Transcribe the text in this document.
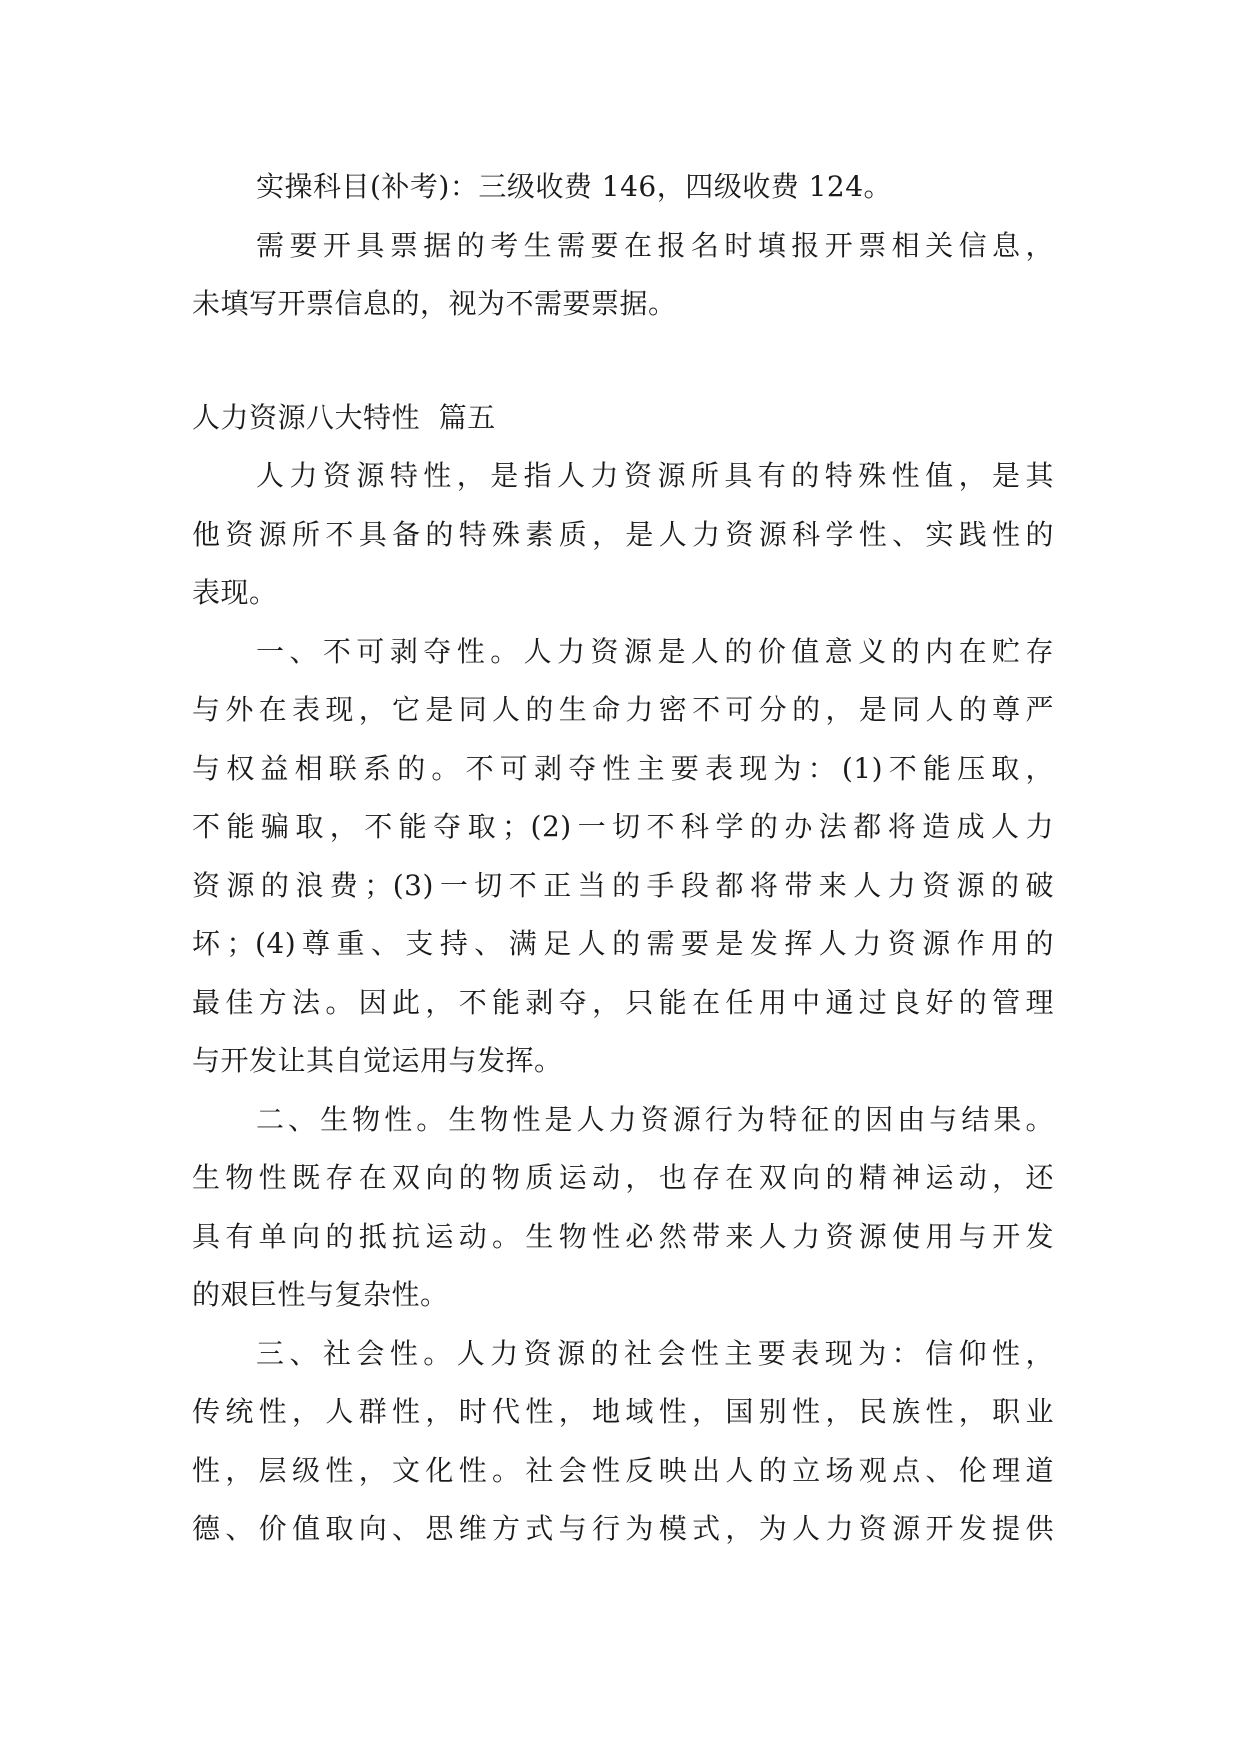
实操科目(补考)：三级收费 146，四级收费 124。
需要开具票据的考生需要在报名时填报开票相关信息，
未填写开票信息的，视为不需要票据。
人力资源八大特性  篇五
人力资源特性，是指人力资源所具有的特殊性值，是其
他资源所不具备的特殊素质，是人力资源科学性、实践性的
表现。
一、不可剥夺性。人力资源是人的价值意义的内在贮存
与外在表现，它是同人的生命力密不可分的，是同人的尊严
与权益相联系的。不可剥夺性主要表现为：(1)不能压取，
不能骗取，不能夺取；(2)一切不科学的办法都将造成人力
资源的浪费；(3)一切不正当的手段都将带来人力资源的破
坏；(4)尊重、支持、满足人的需要是发挥人力资源作用的
最佳方法。因此，不能剥夺，只能在任用中通过良好的管理
与开发让其自觉运用与发挥。
二、生物性。生物性是人力资源行为特征的因由与结果。
生物性既存在双向的物质运动，也存在双向的精神运动，还
具有单向的抵抗运动。生物性必然带来人力资源使用与开发
的艰巨性与复杂性。
三、社会性。人力资源的社会性主要表现为：信仰性，
传统性，人群性，时代性，地域性，国别性，民族性，职业
性，层级性，文化性。社会性反映出人的立场观点、伦理道
德、价值取向、思维方式与行为模式，为人力资源开发提供
